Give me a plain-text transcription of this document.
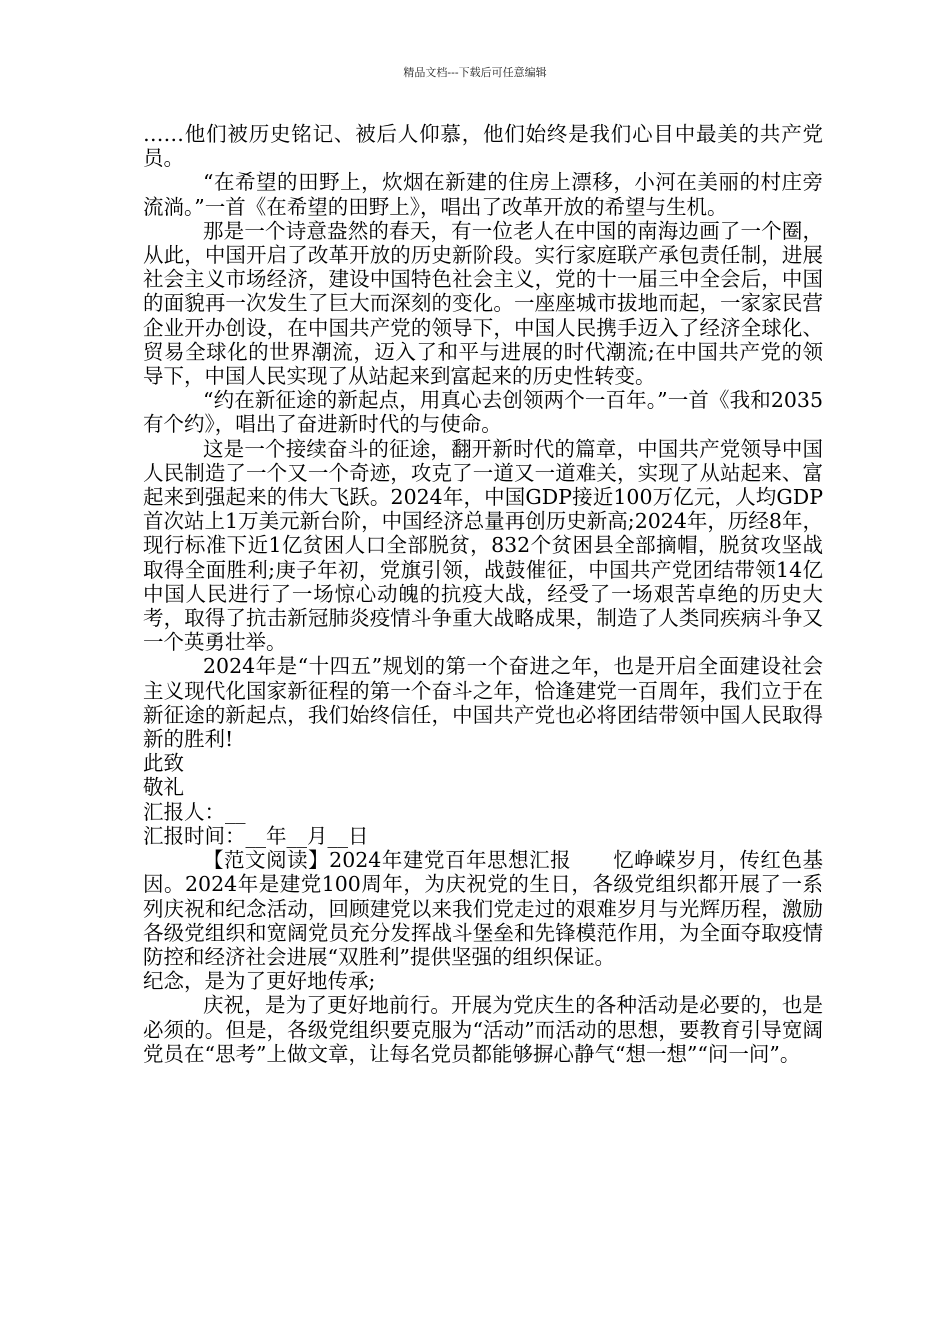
精品文档---下载后可任意编辑

……他们被历史铭记、被后人仰慕，他们始终是我们心目中最美的共产党员。

“在希望的田野上，炊烟在新建的住房上漂移，小河在美丽的村庄旁流淌。”一首《在希望的田野上》，唱出了改革开放的希望与生机。

那是一个诗意盎然的春天，有一位老人在中国的南海边画了一个圈，从此，中国开启了改革开放的历史新阶段。实行家庭联产承包责任制，进展社会主义市场经济，建设中国特色社会主义，党的十一届三中全会后，中国的面貌再一次发生了巨大而深刻的变化。一座座城市拔地而起，一家家民营企业开办创设，在中国共产党的领导下，中国人民携手迈入了经济全球化、贸易全球化的世界潮流，迈入了和平与进展的时代潮流;在中国共产党的领导下，中国人民实现了从站起来到富起来的历史性转变。

“约在新征途的新起点，用真心去创领两个一百年。”一首《我和2035有个约》，唱出了奋进新时代的与使命。

这是一个接续奋斗的征途，翻开新时代的篇章，中国共产党领导中国人民制造了一个又一个奇迹，攻克了一道又一道难关，实现了从站起来、富起来到强起来的伟大飞跃。2024年，中国GDP接近100万亿元，人均GDP首次站上1万美元新台阶，中国经济总量再创历史新高;2024年，历经8年，现行标准下近1亿贫困人口全部脱贫，832个贫困县全部摘帽，脱贫攻坚战取得全面胜利;庚子年初，党旗引领，战鼓催征，中国共产党团结带领14亿中国人民进行了一场惊心动魄的抗疫大战，经受了一场艰苦卓绝的历史大考，取得了抗击新冠肺炎疫情斗争重大战略成果，制造了人类同疾病斗争又一个英勇壮举。

2024年是“十四五”规划的第一个奋进之年，也是开启全面建设社会主义现代化国家新征程的第一个奋斗之年，恰逢建党一百周年，我们立于在新征途的新起点，我们始终信任，中国共产党也必将团结带领中国人民取得新的胜利!

此致

敬礼

汇报人：__

汇报时间：__年__月__日

【范文阅读】2024年建党百年思想汇报　　忆峥嵘岁月，传红色基因。2024年是建党100周年，为庆祝党的生日，各级党组织都开展了一系列庆祝和纪念活动，回顾建党以来我们党走过的艰难岁月与光辉历程，激励各级党组织和宽阔党员充分发挥战斗堡垒和先锋模范作用，为全面夺取疫情防控和经济社会进展“双胜利”提供坚强的组织保证。

纪念，是为了更好地传承;

庆祝，是为了更好地前行。开展为党庆生的各种活动是必要的，也是必须的。但是，各级党组织要克服为“活动”而活动的思想，要教育引导宽阔党员在“思考”上做文章，让每名党员都能够摒心静气“想一想”“问一问”。
